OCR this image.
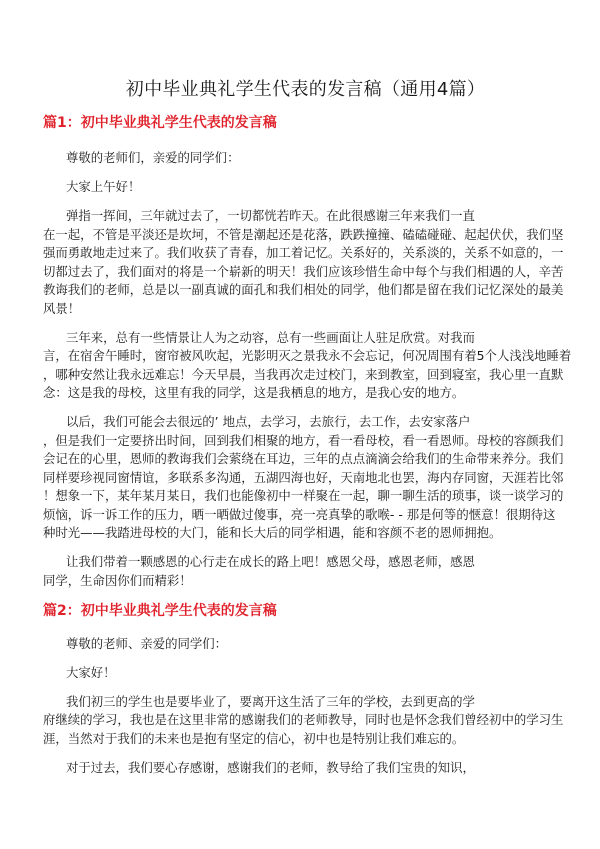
初中毕业典礼学生代表的发言稿（通用4篇）
篇1：初中毕业典礼学生代表的发言稿
尊敬的老师们，亲爱的同学们：
大家上午好！
弹指一挥间，三年就过去了，一切都恍若昨天。在此很感谢三年来我们一直
在一起，不管是平淡还是坎坷，不管是潮起还是花落，跌跌撞撞、磕磕碰碰、起起伏伏，我们坚
强而勇敢地走过来了。我们收获了青春，加工着记忆。关系好的，关系淡的，关系不如意的，一
切都过去了，我们面对的将是一个崭新的明天！我们应该珍惜生命中每个与我们相遇的人，辛苦
教诲我们的老师，总是以一副真诚的面孔和我们相处的同学，他们都是留在我们记忆深处的最美
风景！
三年来，总有一些情景让人为之动容，总有一些画面让人驻足欣赏。对我而
言，在宿舍午睡时，窗帘被风吹起，光影明灭之景我永不会忘记，何况周围有着5个人浅浅地睡着
，哪种安然让我永远难忘！今天早晨，当我再次走过校门，来到教室，回到寝室，我心里一直默
念：这是我的母校，这里有我的同学，这是我栖息的地方，是我心安的地方。
以后，我们可能会去很远的’ 地点，去学习，去旅行，去工作，去安家落户
，但是我们一定要挤出时间，回到我们相聚的地方，看一看母校，看一看恩师。母校的容颜我们
会记在的心里，恩师的教诲我们会萦绕在耳边，三年的点点滴滴会给我们的生命带来养分。我们
同样要珍视同窗情谊，多联系多沟通，五湖四海也好，天南地北也罢，海内存同窗，天涯若比邻
！想象一下，某年某月某日，我们也能像初中一样聚在一起，聊一聊生活的琐事，谈一谈学习的
烦恼，诉一诉工作的压力，晒一晒做过傻事，亮一亮真挚的歌喉- - 那是何等的惬意！很期待这
种时光——我踏进母校的大门，能和长大后的同学相遇，能和容颜不老的恩师拥抱。
让我们带着一颗感恩的心行走在成长的路上吧！感恩父母，感恩老师，感恩
同学，生命因你们而精彩！
篇2：初中毕业典礼学生代表的发言稿
尊敬的老师、亲爱的同学们：
大家好！
我们初三的学生也是要毕业了，要离开这生活了三年的学校，去到更高的学
府继续的学习，我也是在这里非常的感谢我们的老师教导，同时也是怀念我们曾经初中的学习生
涯，当然对于我们的未来也是抱有坚定的信心，初中也是特别让我们难忘的。
对于过去，我们要心存感谢，感谢我们的老师，教导给了我们宝贵的知识，
